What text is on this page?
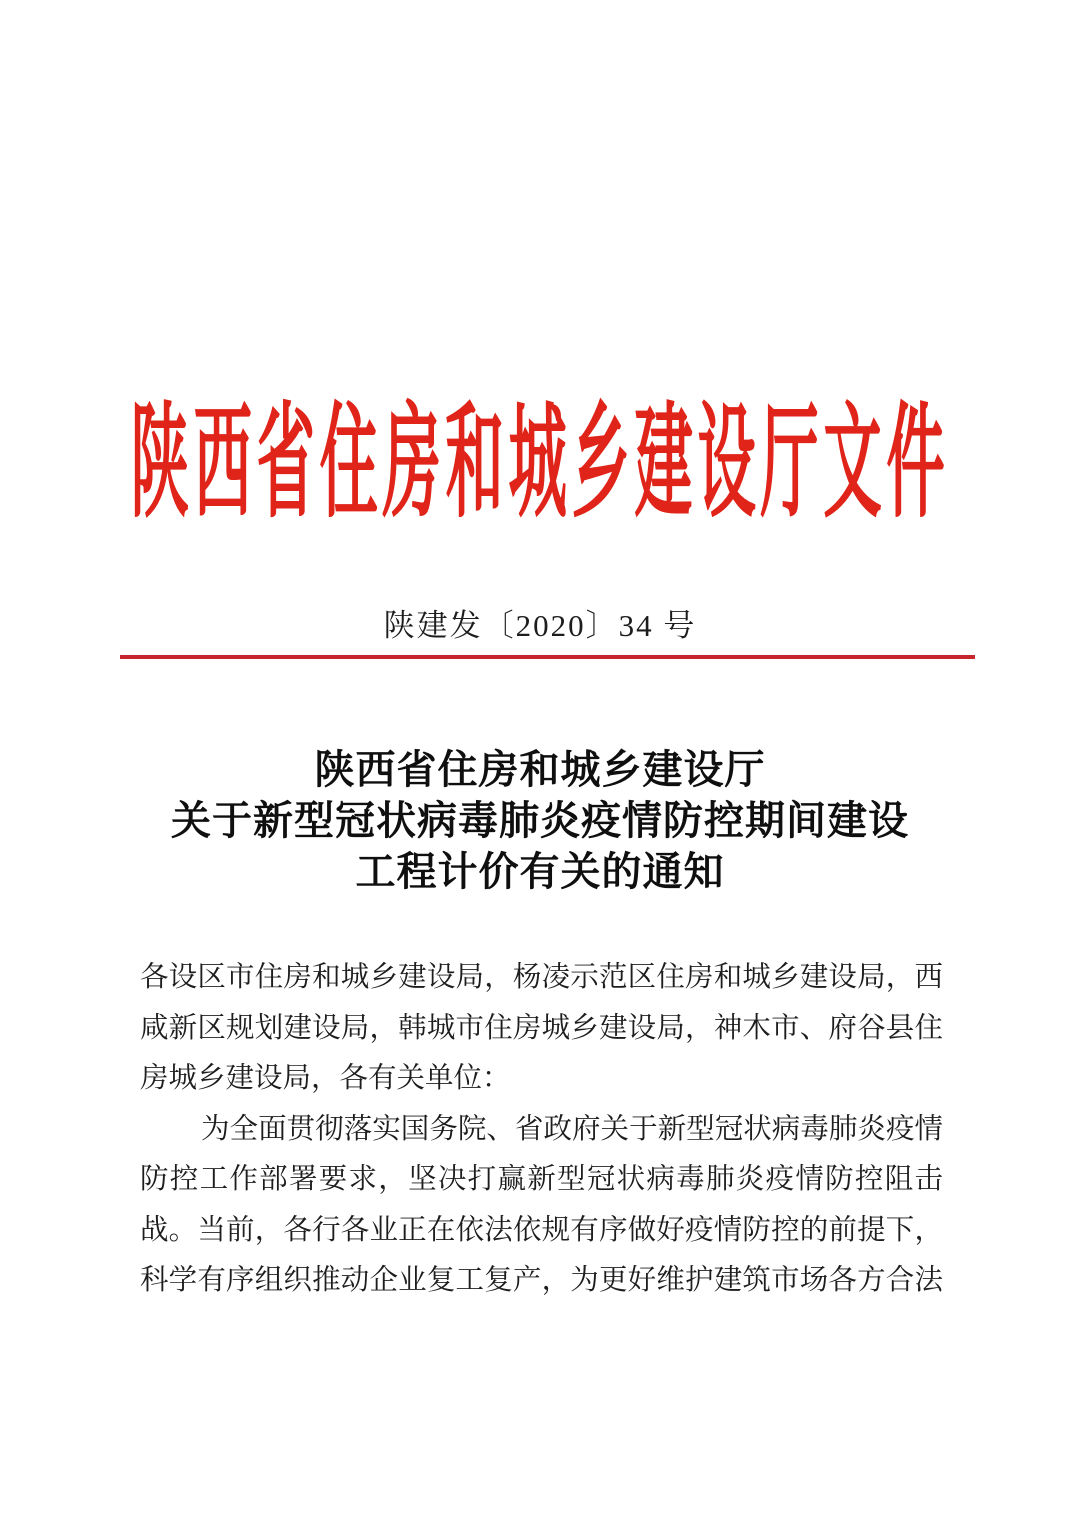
陕西省住房和城乡建设厅文件
陕建发〔2020〕34 号
陕西省住房和城乡建设厅
关于新型冠状病毒肺炎疫情防控期间建设
工程计价有关的通知
各设区市住房和城乡建设局，杨凌示范区住房和城乡建设局，西
咸新区规划建设局，韩城市住房城乡建设局，神木市、府谷县住
房城乡建设局，各有关单位：
为全面贯彻落实国务院、省政府关于新型冠状病毒肺炎疫情
防控工作部署要求，坚决打赢新型冠状病毒肺炎疫情防控阻击
战。当前，各行各业正在依法依规有序做好疫情防控的前提下，
科学有序组织推动企业复工复产，为更好维护建筑市场各方合法
